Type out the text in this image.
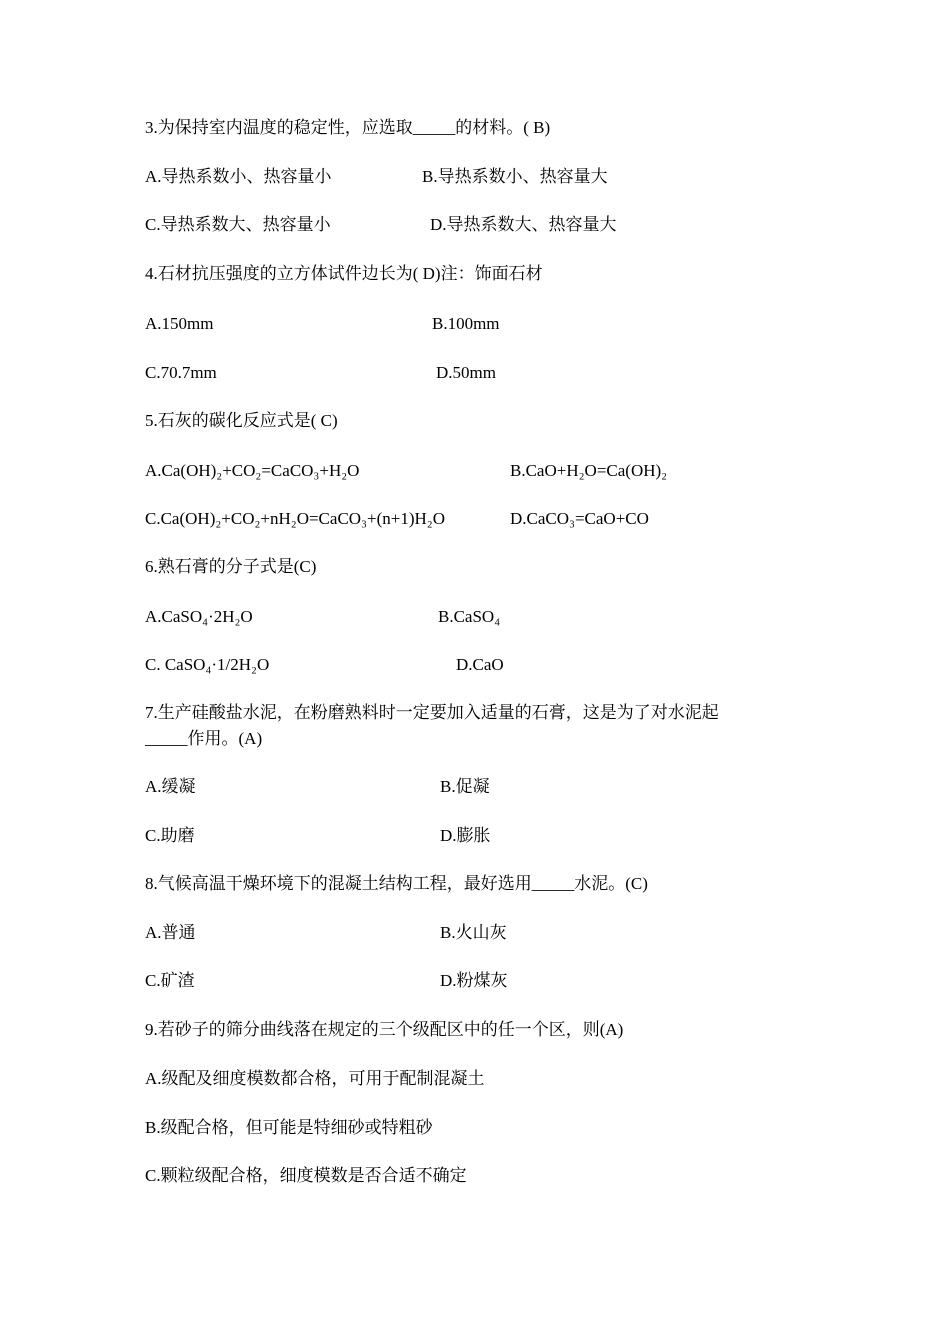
3.为保持室内温度的稳定性，应选取_____的材料。( B)
A.导热系数小、热容量小	B.导热系数小、热容量大
C.导热系数大、热容量小	D.导热系数大、热容量大
4.石材抗压强度的立方体试件边长为( D)注：饰面石材
A.150mm	B.100mm
C.70.7mm	D.50mm
5.石灰的碳化反应式是( C)
A.Ca(OH)₂+CO₂=CaCO₃+H₂O	B.CaO+H₂O=Ca(OH)₂
C.Ca(OH)₂+CO₂+nH₂O=CaCO₃+(n+1)H₂O	D.CaCO₃=CaO+CO
6.熟石膏的分子式是(C)
A.CaSO₄·2H₂O	B.CaSO₄
C. CaSO₄·1/2H₂O	D.CaO
7.生产硅酸盐水泥，在粉磨熟料时一定要加入适量的石膏，这是为了对水泥起
_____作用。(A)
A.缓凝	B.促凝
C.助磨	D.膨胀
8.气候高温干燥环境下的混凝土结构工程，最好选用_____水泥。(C)
A.普通	B.火山灰
C.矿渣	D.粉煤灰
9.若砂子的筛分曲线落在规定的三个级配区中的任一个区，则(A)
A.级配及细度模数都合格，可用于配制混凝土
B.级配合格，但可能是特细砂或特粗砂
C.颗粒级配合格，细度模数是否合适不确定
